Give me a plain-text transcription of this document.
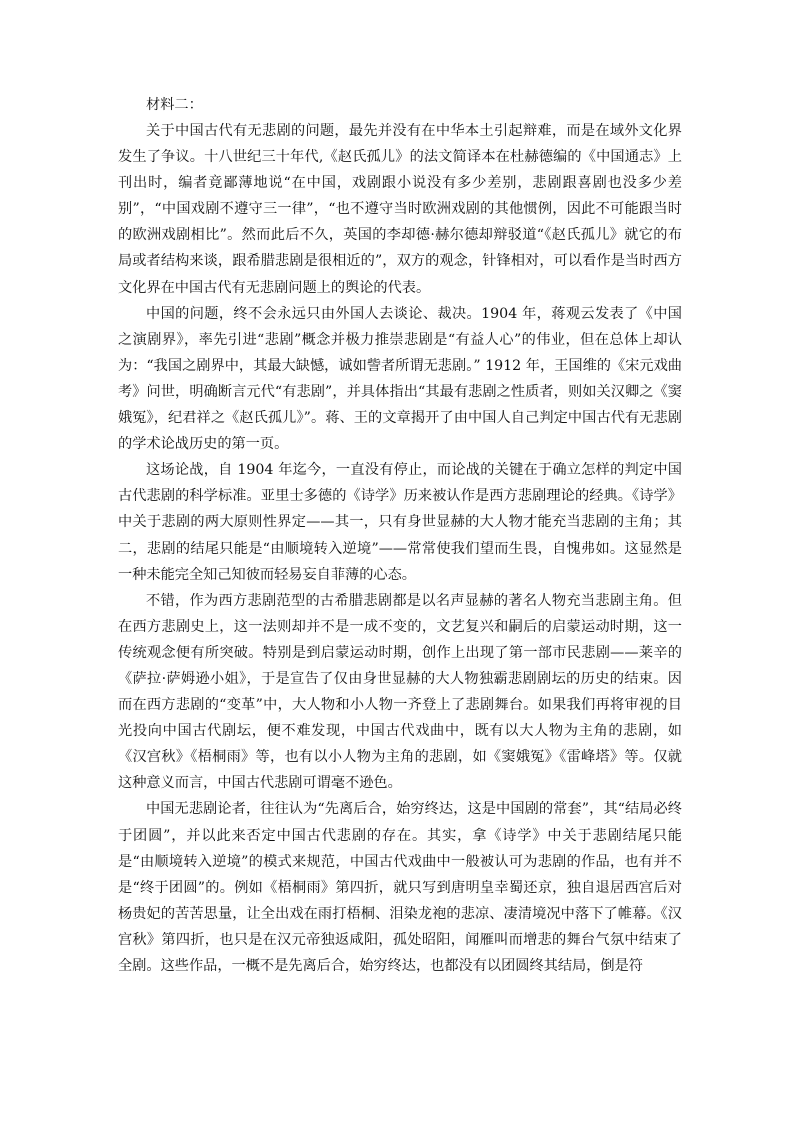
材料二：

关于中国古代有无悲剧的问题，最先并没有在中华本土引起辩难，而是在域外文化界发生了争议。十八世纪三十年代,《赵氏孤儿》的法文简译本在杜赫德编的《中国通志》上刊出时，编者竟鄙薄地说“在中国，戏剧跟小说没有多少差别，悲剧跟喜剧也没多少差别”，“中国戏剧不遵守三一律”，“也不遵守当时欧洲戏剧的其他惯例，因此不可能跟当时的欧洲戏剧相比”。然而此后不久，英国的李却德·赫尔德却辩驳道“《赵氏孤儿》就它的布局或者结构来谈，跟希腊悲剧是很相近的”，双方的观念，针锋相对，可以看作是当时西方文化界在中国古代有无悲剧问题上的舆论的代表。

中国的问题，终不会永远只由外国人去谈论、裁决。1904 年，蒋观云发表了《中国之演剧界》，率先引进“悲剧”概念并极力推崇悲剧是“有益人心”的伟业，但在总体上却认为：“我国之剧界中，其最大缺憾，诚如訾者所谓无悲剧。” 1912 年，王国维的《宋元戏曲考》问世，明确断言元代“有悲剧”，并具体指出“其最有悲剧之性质者，则如关汉卿之《窦娥冤》，纪君祥之《赵氏孤儿》”。蒋、王的文章揭开了由中国人自己判定中国古代有无悲剧的学术论战历史的第一页。

这场论战，自 1904 年迄今，一直没有停止，而论战的关键在于确立怎样的判定中国古代悲剧的科学标准。亚里士多德的《诗学》历来被认作是西方悲剧理论的经典。《诗学》中关于悲剧的两大原则性界定——其一，只有身世显赫的大人物才能充当悲剧的主角；其二，悲剧的结尾只能是“由顺境转入逆境”——常常使我们望而生畏，自愧弗如。这显然是一种未能完全知己知彼而轻易妄自菲薄的心态。

不错，作为西方悲剧范型的古希腊悲剧都是以名声显赫的著名人物充当悲剧主角。但在西方悲剧史上，这一法则却并不是一成不变的，文艺复兴和嗣后的启蒙运动时期，这一传统观念便有所突破。特别是到启蒙运动时期，创作上出现了第一部市民悲剧——莱辛的《萨拉·萨姆逊小姐》，于是宣告了仅由身世显赫的大人物独霸悲剧剧坛的历史的结束。因而在西方悲剧的“变革”中，大人物和小人物一齐登上了悲剧舞台。如果我们再将审视的目光投向中国古代剧坛，便不难发现，中国古代戏曲中，既有以大人物为主角的悲剧，如《汉宫秋》《梧桐雨》等，也有以小人物为主角的悲剧，如《窦娥冤》《雷峰塔》等。仅就这种意义而言，中国古代悲剧可谓毫不逊色。

中国无悲剧论者，往往认为“先离后合，始穷终达，这是中国剧的常套”，其“结局必终于团圆”，并以此来否定中国古代悲剧的存在。其实，拿《诗学》中关于悲剧结尾只能是“由顺境转入逆境”的模式来规范，中国古代戏曲中一般被认可为悲剧的作品，也有并不是“终于团圆”的。例如《梧桐雨》第四折，就只写到唐明皇幸蜀还京，独自退居西宫后对杨贵妃的苦苦思量，让全出戏在雨打梧桐、泪染龙袍的悲凉、凄清境况中落下了帷幕。《汉宫秋》第四折，也只是在汉元帝独返咸阳，孤处昭阳，闻雁叫而增悲的舞台气氛中结束了全剧。这些作品，一概不是先离后合，始穷终达，也都没有以团圆终其结局，倒是符
